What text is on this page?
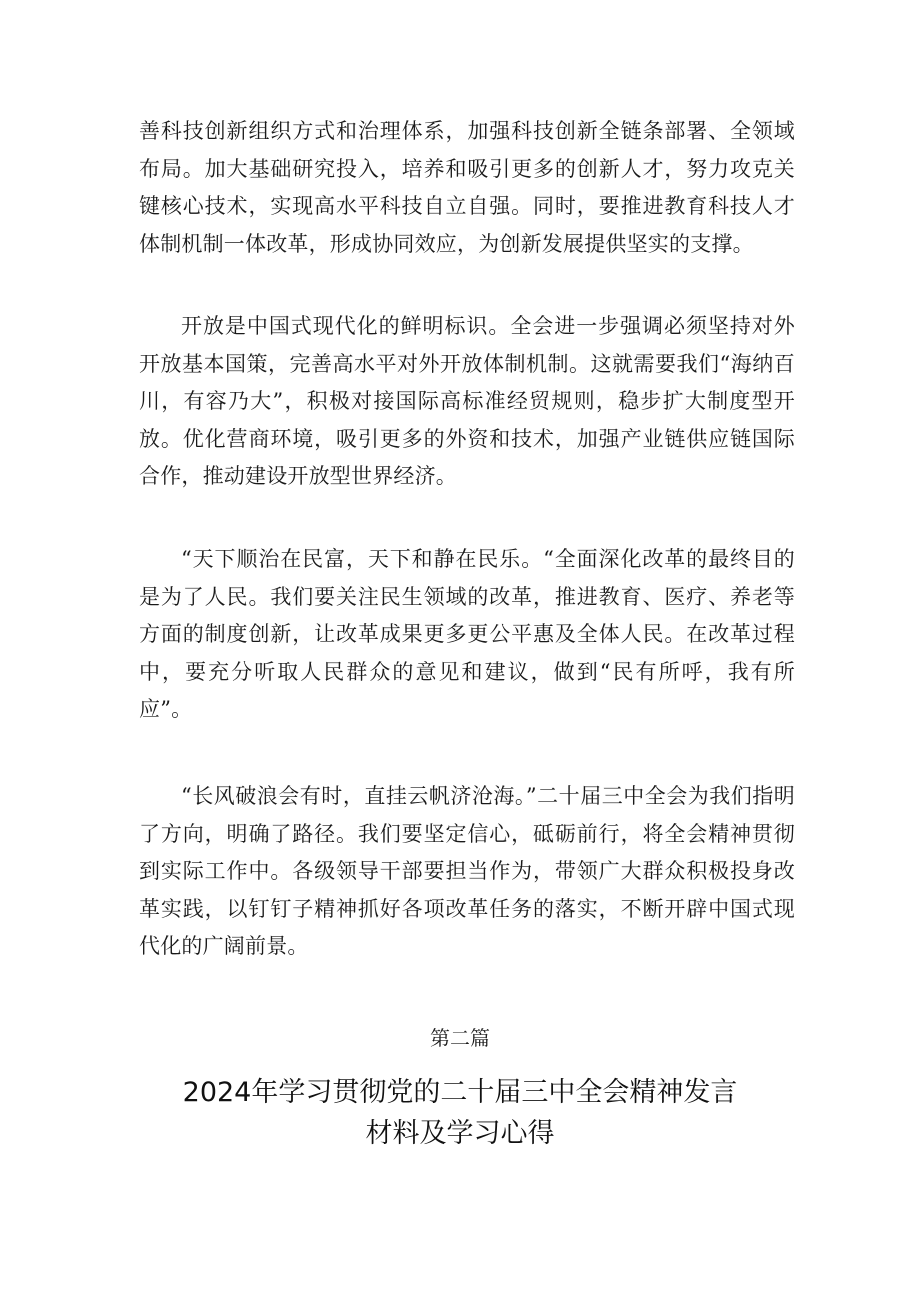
善科技创新组织方式和治理体系，加强科技创新全链条部署、全领域布局。加大基础研究投入，培养和吸引更多的创新人才，努力攻克关键核心技术，实现高水平科技自立自强。同时，要推进教育科技人才体制机制一体改革，形成协同效应，为创新发展提供坚实的支撑。

开放是中国式现代化的鲜明标识。全会进一步强调必须坚持对外开放基本国策，完善高水平对外开放体制机制。这就需要我们“海纳百川，有容乃大”，积极对接国际高标准经贸规则，稳步扩大制度型开放。优化营商环境，吸引更多的外资和技术，加强产业链供应链国际合作，推动建设开放型世界经济。

“天下顺治在民富，天下和静在民乐。“全面深化改革的最终目的是为了人民。我们要关注民生领域的改革，推进教育、医疗、养老等方面的制度创新，让改革成果更多更公平惠及全体人民。在改革过程中，要充分听取人民群众的意见和建议，做到“民有所呼，我有所应”。

“长风破浪会有时，直挂云帆济沧海。”二十届三中全会为我们指明了方向，明确了路径。我们要坚定信心，砥砺前行，将全会精神贯彻到实际工作中。各级领导干部要担当作为，带领广大群众积极投身改革实践，以钉钉子精神抓好各项改革任务的落实，不断开辟中国式现代化的广阔前景。

第二篇

2024年学习贯彻党的二十届三中全会精神发言
材料及学习心得
